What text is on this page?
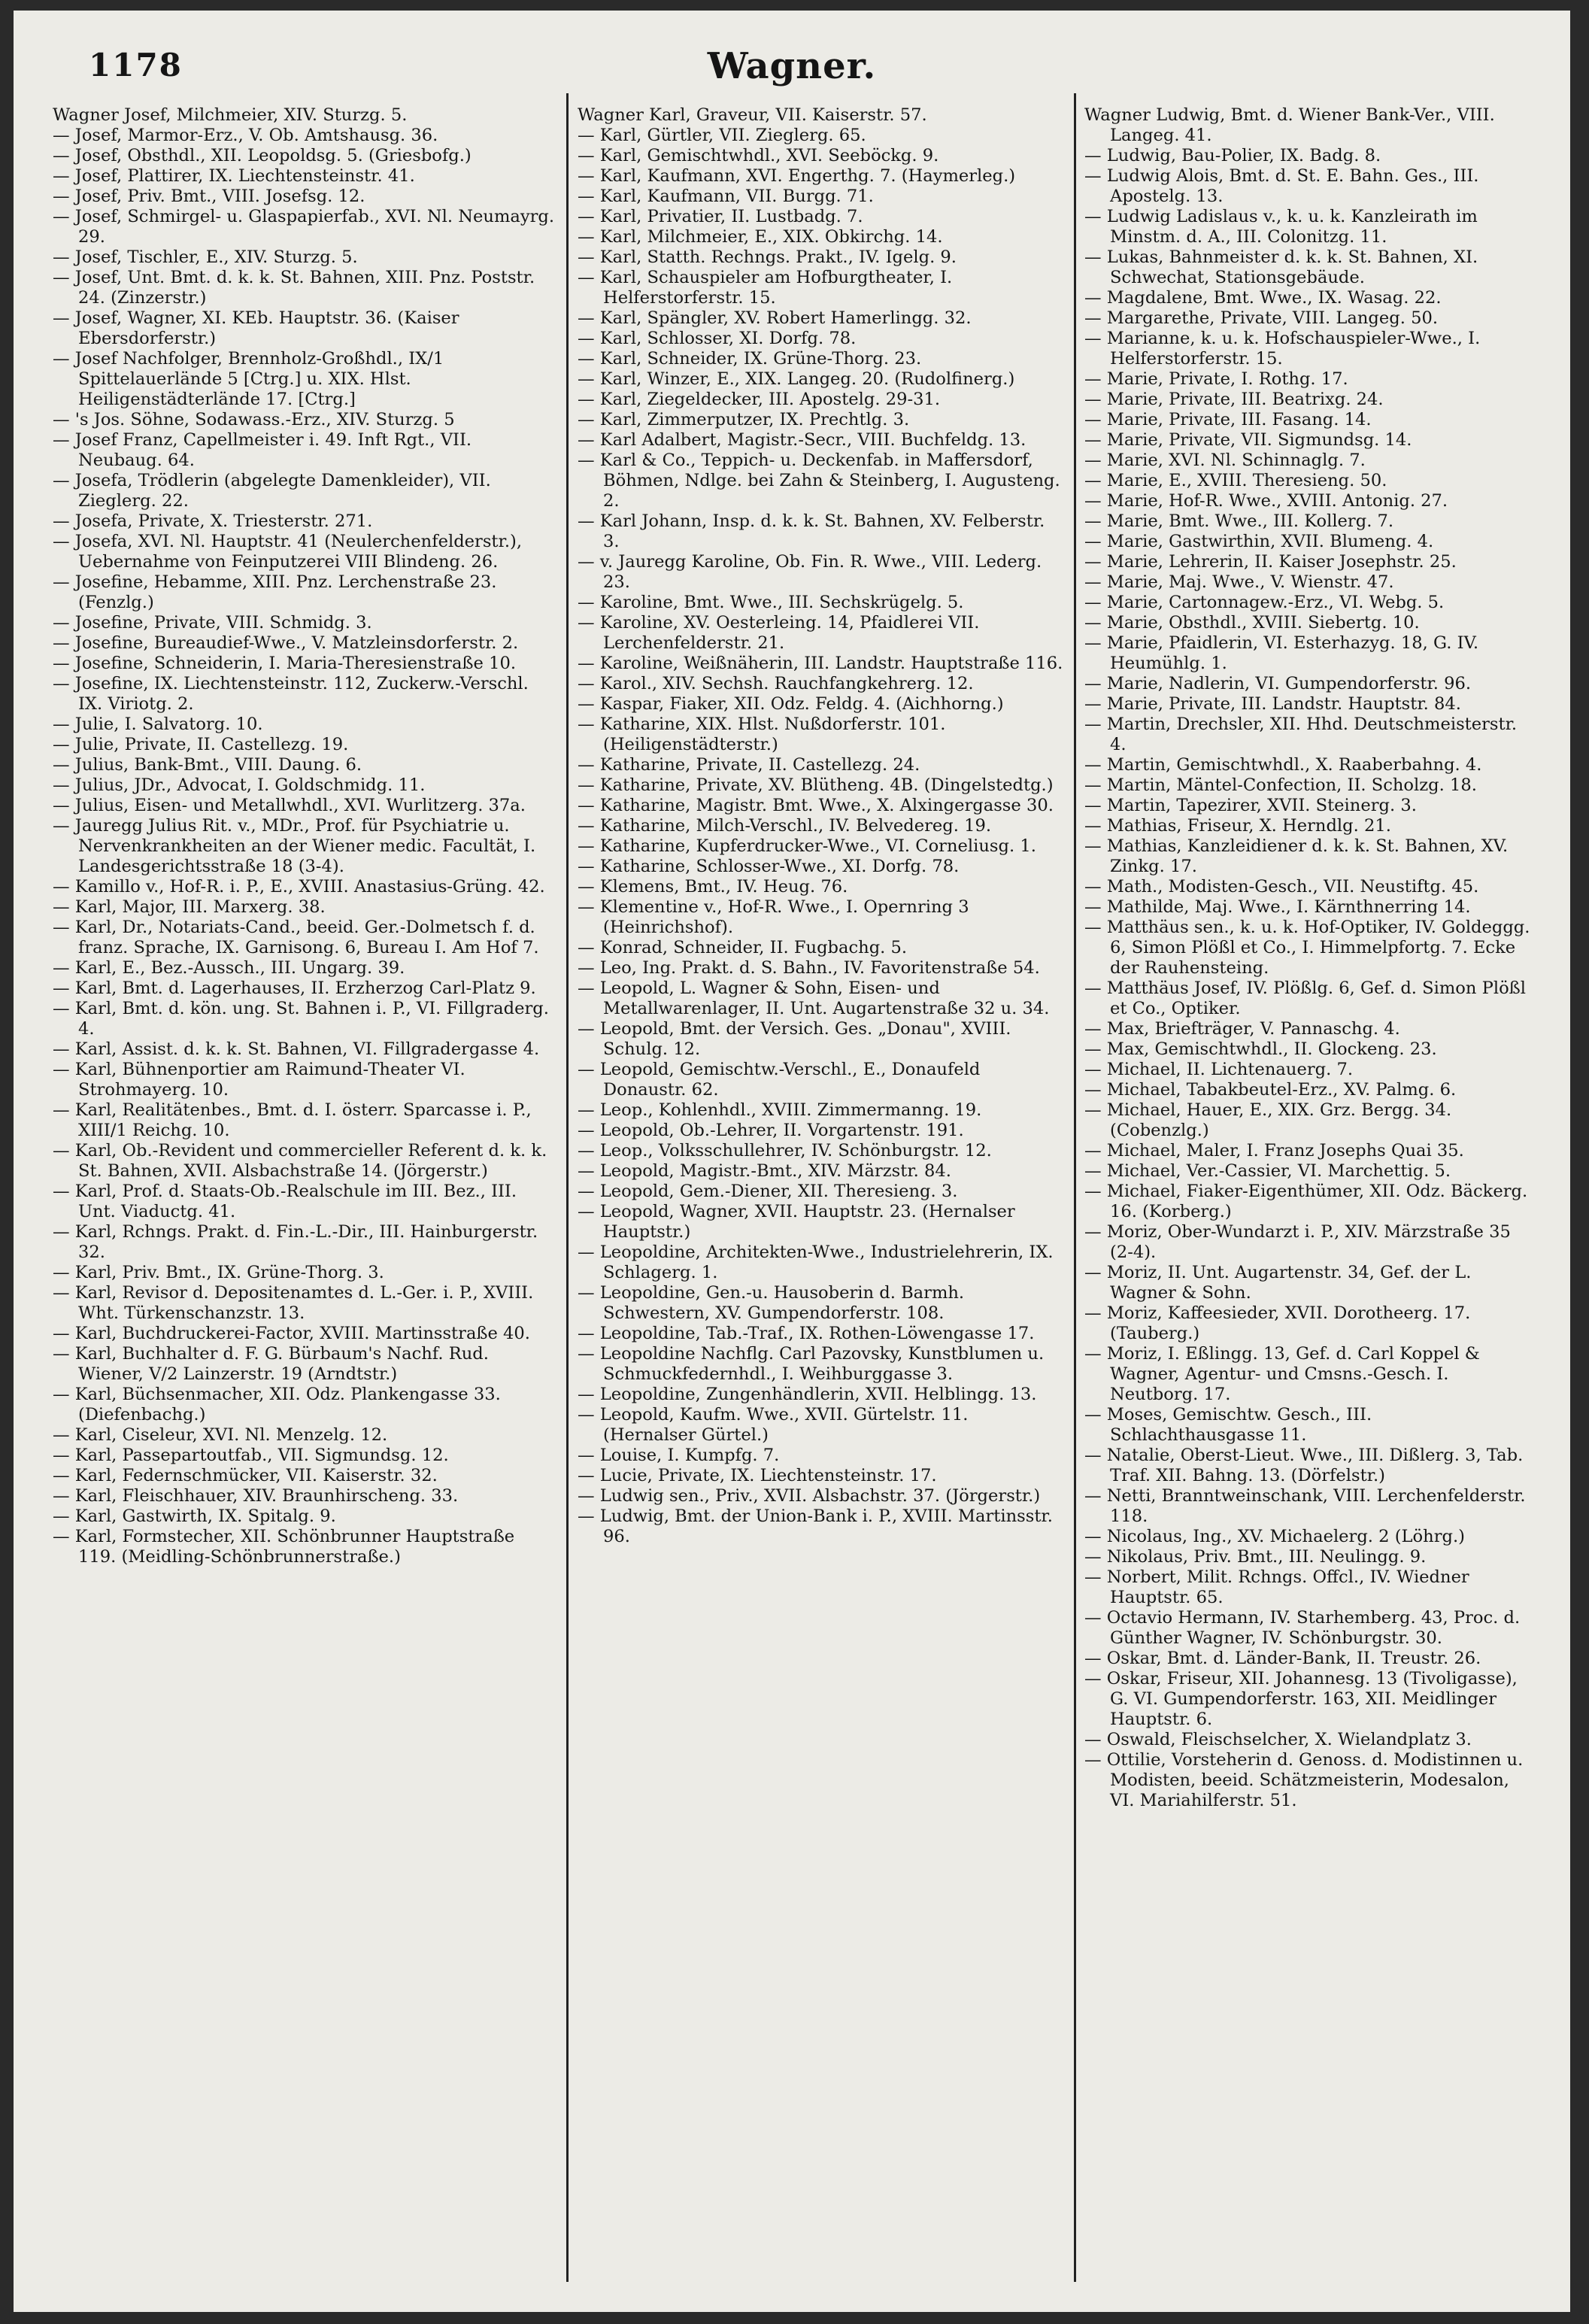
1178	Wagner.

Wagner Josef, Milchmeier, XIV. Sturzg. 5.

— Josef, Marmor-Erz., V. Ob. Amtshausg. 36.

— Josef, Obsthdl., XII. Leopoldsg. 5. (Griesbofg.)

— Josef, Plattirer, IX. Liechtensteinstr. 41.

— Josef, Priv. Bmt., VIII. Josefsg. 12.

— Josef, Schmirgel- u. Glaspapierfab., XVI. Nl. Neumayrg. 29.

— Josef, Tischler, E., XIV. Sturzg. 5.

— Josef, Unt. Bmt. d. k. k. St. Bahnen, XIII. Pnz. Poststr. 24. (Zinzerstr.)

— Josef, Wagner, XI. KEb. Hauptstr. 36. (Kaiser Ebersdorferstr.)

— Josef Nachfolger, Brennholz-Großhdl., IX/1 Spittelauerlände 5 [Ctrg.] u. XIX. Hlst. Heiligenstädterlände 17. [Ctrg.]

— 's Jos. Söhne, Sodawass.-Erz., XIV. Sturzg. 5

— Josef Franz, Capellmeister i. 49. Inft Rgt., VII. Neubaug. 64.

— Josefa, Trödlerin (abgelegte Damenkleider), VII. Zieglerg. 22.

— Josefa, Private, X. Triesterstr. 271.

— Josefa, XVI. Nl. Hauptstr. 41 (Neulerchenfelderstr.), Uebernahme von Feinputzerei VIII Blindeng. 26.

— Josefine, Hebamme, XIII. Pnz. Lerchenstraße 23. (Fenzlg.)

— Josefine, Private, VIII. Schmidg. 3.

— Josefine, Bureaudief-Wwe., V. Matzleinsdorferstr. 2.

— Josefine, Schneiderin, I. Maria-Theresienstraße 10.

— Josefine, IX. Liechtensteinstr. 112, Zuckerw.-Verschl. IX. Viriotg. 2.

— Julie, I. Salvatorg. 10.

— Julie, Private, II. Castellezg. 19.

— Julius, Bank-Bmt., VIII. Daung. 6.

— Julius, JDr., Advocat, I. Goldschmidg. 11.

— Julius, Eisen- und Metallwhdl., XVI. Wurlitzerg. 37a.

— Jauregg Julius Rit. v., MDr., Prof. für Psychiatrie u. Nervenkrankheiten an der Wiener medic. Facultät, I. Landesgerichtsstraße 18 (3-4).

— Kamillo v., Hof-R. i. P., E., XVIII. Anastasius-Grüng. 42.

— Karl, Major, III. Marxerg. 38.

— Karl, Dr., Notariats-Cand., beeid. Ger.-Dolmetsch f. d. franz. Sprache, IX. Garnisong. 6, Bureau I. Am Hof 7.

— Karl, E., Bez.-Aussch., III. Ungarg. 39.

— Karl, Bmt. d. Lagerhauses, II. Erzherzog Carl-Platz 9.

— Karl, Bmt. d. kön. ung. St. Bahnen i. P., VI. Fillgraderg. 4.

— Karl, Assist. d. k. k. St. Bahnen, VI. Fillgradergasse 4.

— Karl, Bühnenportier am Raimund-Theater VI. Strohmayerg. 10.

— Karl, Realitätenbes., Bmt. d. I. österr. Sparcasse i. P., XIII/1 Reichg. 10.

— Karl, Ob.-Revident und commercieller Referent d. k. k. St. Bahnen, XVII. Alsbachstraße 14. (Jörgerstr.)

— Karl, Prof. d. Staats-Ob.-Realschule im III. Bez., III. Unt. Viaductg. 41.

— Karl, Rchngs. Prakt. d. Fin.-L.-Dir., III. Hainburgerstr. 32.

— Karl, Priv. Bmt., IX. Grüne-Thorg. 3.

— Karl, Revisor d. Depositenamtes d. L.-Ger. i. P., XVIII. Wht. Türkenschanzstr. 13.

— Karl, Buchdruckerei-Factor, XVIII. Martinsstraße 40.

— Karl, Buchhalter d. F. G. Bürbaum's Nachf. Rud. Wiener, V/2 Lainzerstr. 19 (Arndtstr.)

— Karl, Büchsenmacher, XII. Odz. Plankengasse 33. (Diefenbachg.)

— Karl, Ciseleur, XVI. Nl. Menzelg. 12.

— Karl, Passepartoutfab., VII. Sigmundsg. 12.

— Karl, Federnschmücker, VII. Kaiserstr. 32.

— Karl, Fleischhauer, XIV. Braunhirscheng. 33.

— Karl, Gastwirth, IX. Spitalg. 9.

— Karl, Formstecher, XII. Schönbrunner Hauptstraße 119. (Meidling-Schönbrunnerstraße.)

Wagner Karl, Graveur, VII. Kaiserstr. 57.

— Karl, Gürtler, VII. Zieglerg. 65.

— Karl, Gemischtwhdl., XVI. Seeböckg. 9.

— Karl, Kaufmann, XVI. Engerthg. 7. (Haymerleg.)

— Karl, Kaufmann, VII. Burgg. 71.

— Karl, Privatier, II. Lustbadg. 7.

— Karl, Milchmeier, E., XIX. Obkirchg. 14.

— Karl, Statth. Rechngs. Prakt., IV. Igelg. 9.

— Karl, Schauspieler am Hofburgtheater, I. Helferstorferstr. 15.

— Karl, Spängler, XV. Robert Hamerlingg. 32.

— Karl, Schlosser, XI. Dorfg. 78.

— Karl, Schneider, IX. Grüne-Thorg. 23.

— Karl, Winzer, E., XIX. Langeg. 20. (Rudolfinerg.)

— Karl, Ziegeldecker, III. Apostelg. 29-31.

— Karl, Zimmerputzer, IX. Prechtlg. 3.

— Karl Adalbert, Magistr.-Secr., VIII. Buchfeldg. 13.

— Karl & Co., Teppich- u. Deckenfab. in Maffersdorf, Böhmen, Ndlge. bei Zahn & Steinberg, I. Augusteng. 2.

— Karl Johann, Insp. d. k. k. St. Bahnen, XV. Felberstr. 3.

— v. Jauregg Karoline, Ob. Fin. R. Wwe., VIII. Lederg. 23.

— Karoline, Bmt. Wwe., III. Sechskrügelg. 5.

— Karoline, XV. Oesterleing. 14, Pfaidlerei VII. Lerchenfelderstr. 21.

— Karoline, Weißnäherin, III. Landstr. Hauptstraße 116.

— Karol., XIV. Sechsh. Rauchfangkehrerg. 12.

— Kaspar, Fiaker, XII. Odz. Feldg. 4. (Aichhorng.)

— Katharine, XIX. Hlst. Nußdorferstr. 101. (Heiligenstädterstr.)

— Katharine, Private, II. Castellezg. 24.

— Katharine, Private, XV. Blütheng. 4B. (Dingelstedtg.)

— Katharine, Magistr. Bmt. Wwe., X. Alxingergasse 30.

— Katharine, Milch-Verschl., IV. Belvedereg. 19.

— Katharine, Kupferdrucker-Wwe., VI. Corneliusg. 1.

— Katharine, Schlosser-Wwe., XI. Dorfg. 78.

— Klemens, Bmt., IV. Heug. 76.

— Klementine v., Hof-R. Wwe., I. Opernring 3 (Heinrichshof).

— Konrad, Schneider, II. Fugbachg. 5.

— Leo, Ing. Prakt. d. S. Bahn., IV. Favoritenstraße 54.

— Leopold, L. Wagner & Sohn, Eisen- und Metallwarenlager, II. Unt. Augartenstraße 32 u. 34.

— Leopold, Bmt. der Versich. Ges. „Donau", XVIII. Schulg. 12.

— Leopold, Gemischtw.-Verschl., E., Donaufeld Donaustr. 62.

— Leop., Kohlenhdl., XVIII. Zimmermanng. 19.

— Leopold, Ob.-Lehrer, II. Vorgartenstr. 191.

— Leop., Volksschullehrer, IV. Schönburgstr. 12.

— Leopold, Magistr.-Bmt., XIV. Märzstr. 84.

— Leopold, Gem.-Diener, XII. Theresieng. 3.

— Leopold, Wagner, XVII. Hauptstr. 23. (Hernalser Hauptstr.)

— Leopoldine, Architekten-Wwe., Industrielehrerin, IX. Schlagerg. 1.

— Leopoldine, Gen.-u. Hausoberin d. Barmh. Schwestern, XV. Gumpendorferstr. 108.

— Leopoldine, Tab.-Traf., IX. Rothen-Löwengasse 17.

— Leopoldine Nachflg. Carl Pazovsky, Kunstblumen u. Schmuckfedernhdl., I. Weihburggasse 3.

— Leopoldine, Zungenhändlerin, XVII. Helblingg. 13.

— Leopold, Kaufm. Wwe., XVII. Gürtelstr. 11. (Hernalser Gürtel.)

— Louise, I. Kumpfg. 7.

— Lucie, Private, IX. Liechtensteinstr. 17.

— Ludwig sen., Priv., XVII. Alsbachstr. 37. (Jörgerstr.)

— Ludwig, Bmt. der Union-Bank i. P., XVIII. Martinsstr. 96.

Wagner Ludwig, Bmt. d. Wiener Bank-Ver., VIII. Langeg. 41.

— Ludwig, Bau-Polier, IX. Badg. 8.

— Ludwig Alois, Bmt. d. St. E. Bahn. Ges., III. Apostelg. 13.

— Ludwig Ladislaus v., k. u. k. Kanzleirath im Minstm. d. A., III. Colonitzg. 11.

— Lukas, Bahnmeister d. k. k. St. Bahnen, XI. Schwechat, Stationsgebäude.

— Magdalene, Bmt. Wwe., IX. Wasag. 22.

— Margarethe, Private, VIII. Langeg. 50.

— Marianne, k. u. k. Hofschauspieler-Wwe., I. Helferstorferstr. 15.

— Marie, Private, I. Rothg. 17.

— Marie, Private, III. Beatrixg. 24.

— Marie, Private, III. Fasang. 14.

— Marie, Private, VII. Sigmundsg. 14.

— Marie, XVI. Nl. Schinnaglg. 7.

— Marie, E., XVIII. Theresieng. 50.

— Marie, Hof-R. Wwe., XVIII. Antonig. 27.

— Marie, Bmt. Wwe., III. Kollerg. 7.

— Marie, Gastwirthin, XVII. Blumeng. 4.

— Marie, Lehrerin, II. Kaiser Josephstr. 25.

— Marie, Maj. Wwe., V. Wienstr. 47.

— Marie, Cartonnagew.-Erz., VI. Webg. 5.

— Marie, Obsthdl., XVIII. Siebertg. 10.

— Marie, Pfaidlerin, VI. Esterhazyg. 18, G. IV. Heumühlg. 1.

— Marie, Nadlerin, VI. Gumpendorferstr. 96.

— Marie, Private, III. Landstr. Hauptstr. 84.

— Martin, Drechsler, XII. Hhd. Deutschmeisterstr. 4.

— Martin, Gemischtwhdl., X. Raaberbahng. 4.

— Martin, Mäntel-Confection, II. Scholzg. 18.

— Martin, Tapezirer, XVII. Steinerg. 3.

— Mathias, Friseur, X. Herndlg. 21.

— Mathias, Kanzleidiener d. k. k. St. Bahnen, XV. Zinkg. 17.

— Math., Modisten-Gesch., VII. Neustiftg. 45.

— Mathilde, Maj. Wwe., I. Kärnthnerring 14.

— Matthäus sen., k. u. k. Hof-Optiker, IV. Goldeggg. 6, Simon Plößl et Co., I. Himmelpfortg. 7. Ecke der Rauhensteing.

— Matthäus Josef, IV. Plößlg. 6, Gef. d. Simon Plößl et Co., Optiker.

— Max, Briefträger, V. Pannaschg. 4.

— Max, Gemischtwhdl., II. Glockeng. 23.

— Michael, II. Lichtenauerg. 7.

— Michael, Tabakbeutel-Erz., XV. Palmg. 6.

— Michael, Hauer, E., XIX. Grz. Bergg. 34. (Cobenzlg.)

— Michael, Maler, I. Franz Josephs Quai 35.

— Michael, Ver.-Cassier, VI. Marchettig. 5.

— Michael, Fiaker-Eigenthümer, XII. Odz. Bäckerg. 16. (Korberg.)

— Moriz, Ober-Wundarzt i. P., XIV. Märzstraße 35 (2-4).

— Moriz, II. Unt. Augartenstr. 34, Gef. der L. Wagner & Sohn.

— Moriz, Kaffeesieder, XVII. Dorotheerg. 17. (Tauberg.)

— Moriz, I. Eßlingg. 13, Gef. d. Carl Koppel & Wagner, Agentur- und Cmsns.-Gesch. I. Neutborg. 17.

— Moses, Gemischtw. Gesch., III. Schlachthausgasse 11.

— Natalie, Oberst-Lieut. Wwe., III. Dißlerg. 3, Tab. Traf. XII. Bahng. 13. (Dörfelstr.)

— Netti, Branntweinschank, VIII. Lerchenfelderstr. 118.

— Nicolaus, Ing., XV. Michaelerg. 2 (Löhrg.)

— Nikolaus, Priv. Bmt., III. Neulingg. 9.

— Norbert, Milit. Rchngs. Offcl., IV. Wiedner Hauptstr. 65.

— Octavio Hermann, IV. Starhemberg. 43, Proc. d. Günther Wagner, IV. Schönburgstr. 30.

— Oskar, Bmt. d. Länder-Bank, II. Treustr. 26.

— Oskar, Friseur, XII. Johannesg. 13 (Tivoligasse), G. VI. Gumpendorferstr. 163, XII. Meidlinger Hauptstr. 6.

— Oswald, Fleischselcher, X. Wielandplatz 3.

— Ottilie, Vorsteherin d. Genoss. d. Modistinnen u. Modisten, beeid. Schätzmeisterin, Modesalon, VI. Mariahilferstr. 51.
